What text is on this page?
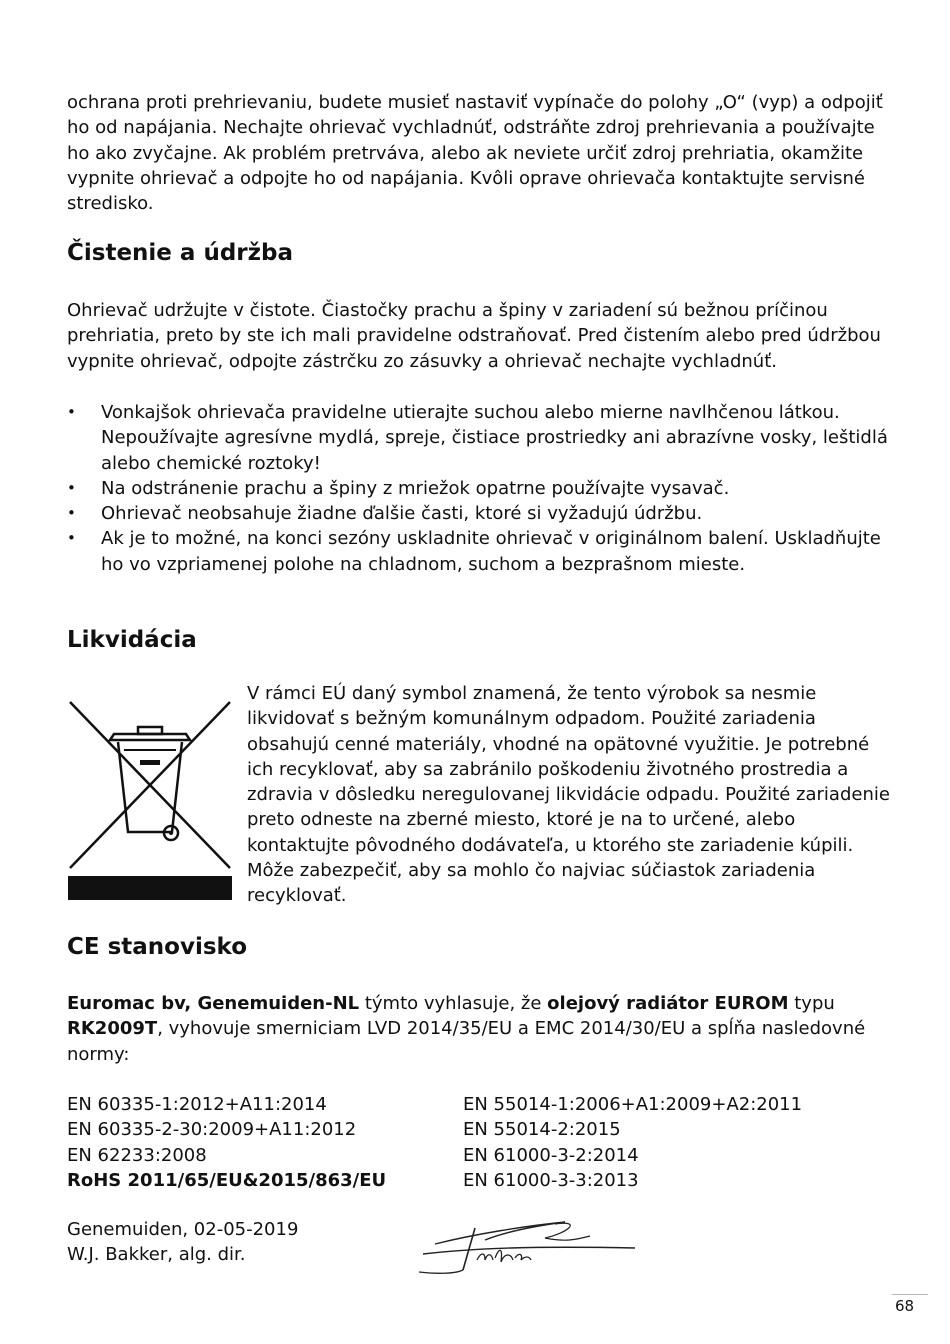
ochrana proti prehrievaniu, budete musieť nastaviť vypínače do polohy „O“ (vyp) a odpojiť ho od napájania. Nechajte ohrievač vychladnúť, odstráňte zdroj prehrievania a používajte ho ako zvyčajne. Ak problém pretrváva, alebo ak neviete určiť zdroj prehriatia, okamžite vypnite ohrievač a odpojte ho od napájania. Kvôli oprave ohrievača kontaktujte servisné stredisko.

Čistenie a údržba

Ohrievač udržujte v čistote. Čiastočky prachu a špiny v zariadení sú bežnou príčinou prehriatia, preto by ste ich mali pravidelne odstraňovať. Pred čistením alebo pred údržbou vypnite ohrievač, odpojte zástrčku zo zásuvky a ohrievač nechajte vychladnúť.

• Vonkajšok ohrievača pravidelne utierajte suchou alebo mierne navlhčenou látkou. Nepoužívajte agresívne mydlá, spreje, čistiace prostriedky ani abrazívne vosky, leštidlá alebo chemické roztoky!
• Na odstránenie prachu a špiny z mriežok opatrne používajte vysavač.
• Ohrievač neobsahuje žiadne ďalšie časti, ktoré si vyžadujú údržbu.
• Ak je to možné, na konci sezóny uskladnite ohrievač v originálnom balení. Uskladňujte ho vo vzpriamenej polohe na chladnom, suchom a bezprašnom mieste.
Likvidácia

V rámci EÚ daný symbol znamená, že tento výrobok sa nesmie likvidovať s bežným komunálnym odpadom. Použité zariadenia obsahujú cenné materiály, vhodné na opätovné využitie. Je potrebné ich recyklovať, aby sa zabránilo poškodeniu životného prostredia a zdravia v dôsledku neregulovanej likvidácie odpadu. Použité zariadenie preto odneste na zberné miesto, ktoré je na to určené, alebo kontaktujte pôvodného dodávateľa, u ktorého ste zariadenie kúpili. Môže zabezpečiť, aby sa mohlo čo najviac súčiastok zariadenia recyklovať.

CE stanovisko

Euromac bv, Genemuiden-NL týmto vyhlasuje, že olejový radiátor EUROM typu RK2009T, vyhovuje smerniciam LVD 2014/35/EU a EMC 2014/30/EU a spĺňa nasledovné normy:

EN 60335-1:2012+A11:2014
EN 60335-2-30:2009+A11:2012
EN 62233:2008
RoHS 2011/65/EU&2015/863/EU
EN 55014-1:2006+A1:2009+A2:2011
EN 55014-2:2015
EN 61000-3-2:2014
EN 61000-3-3:2013
Genemuiden, 02-05-2019
W.J. Bakker, alg. dir.
68
